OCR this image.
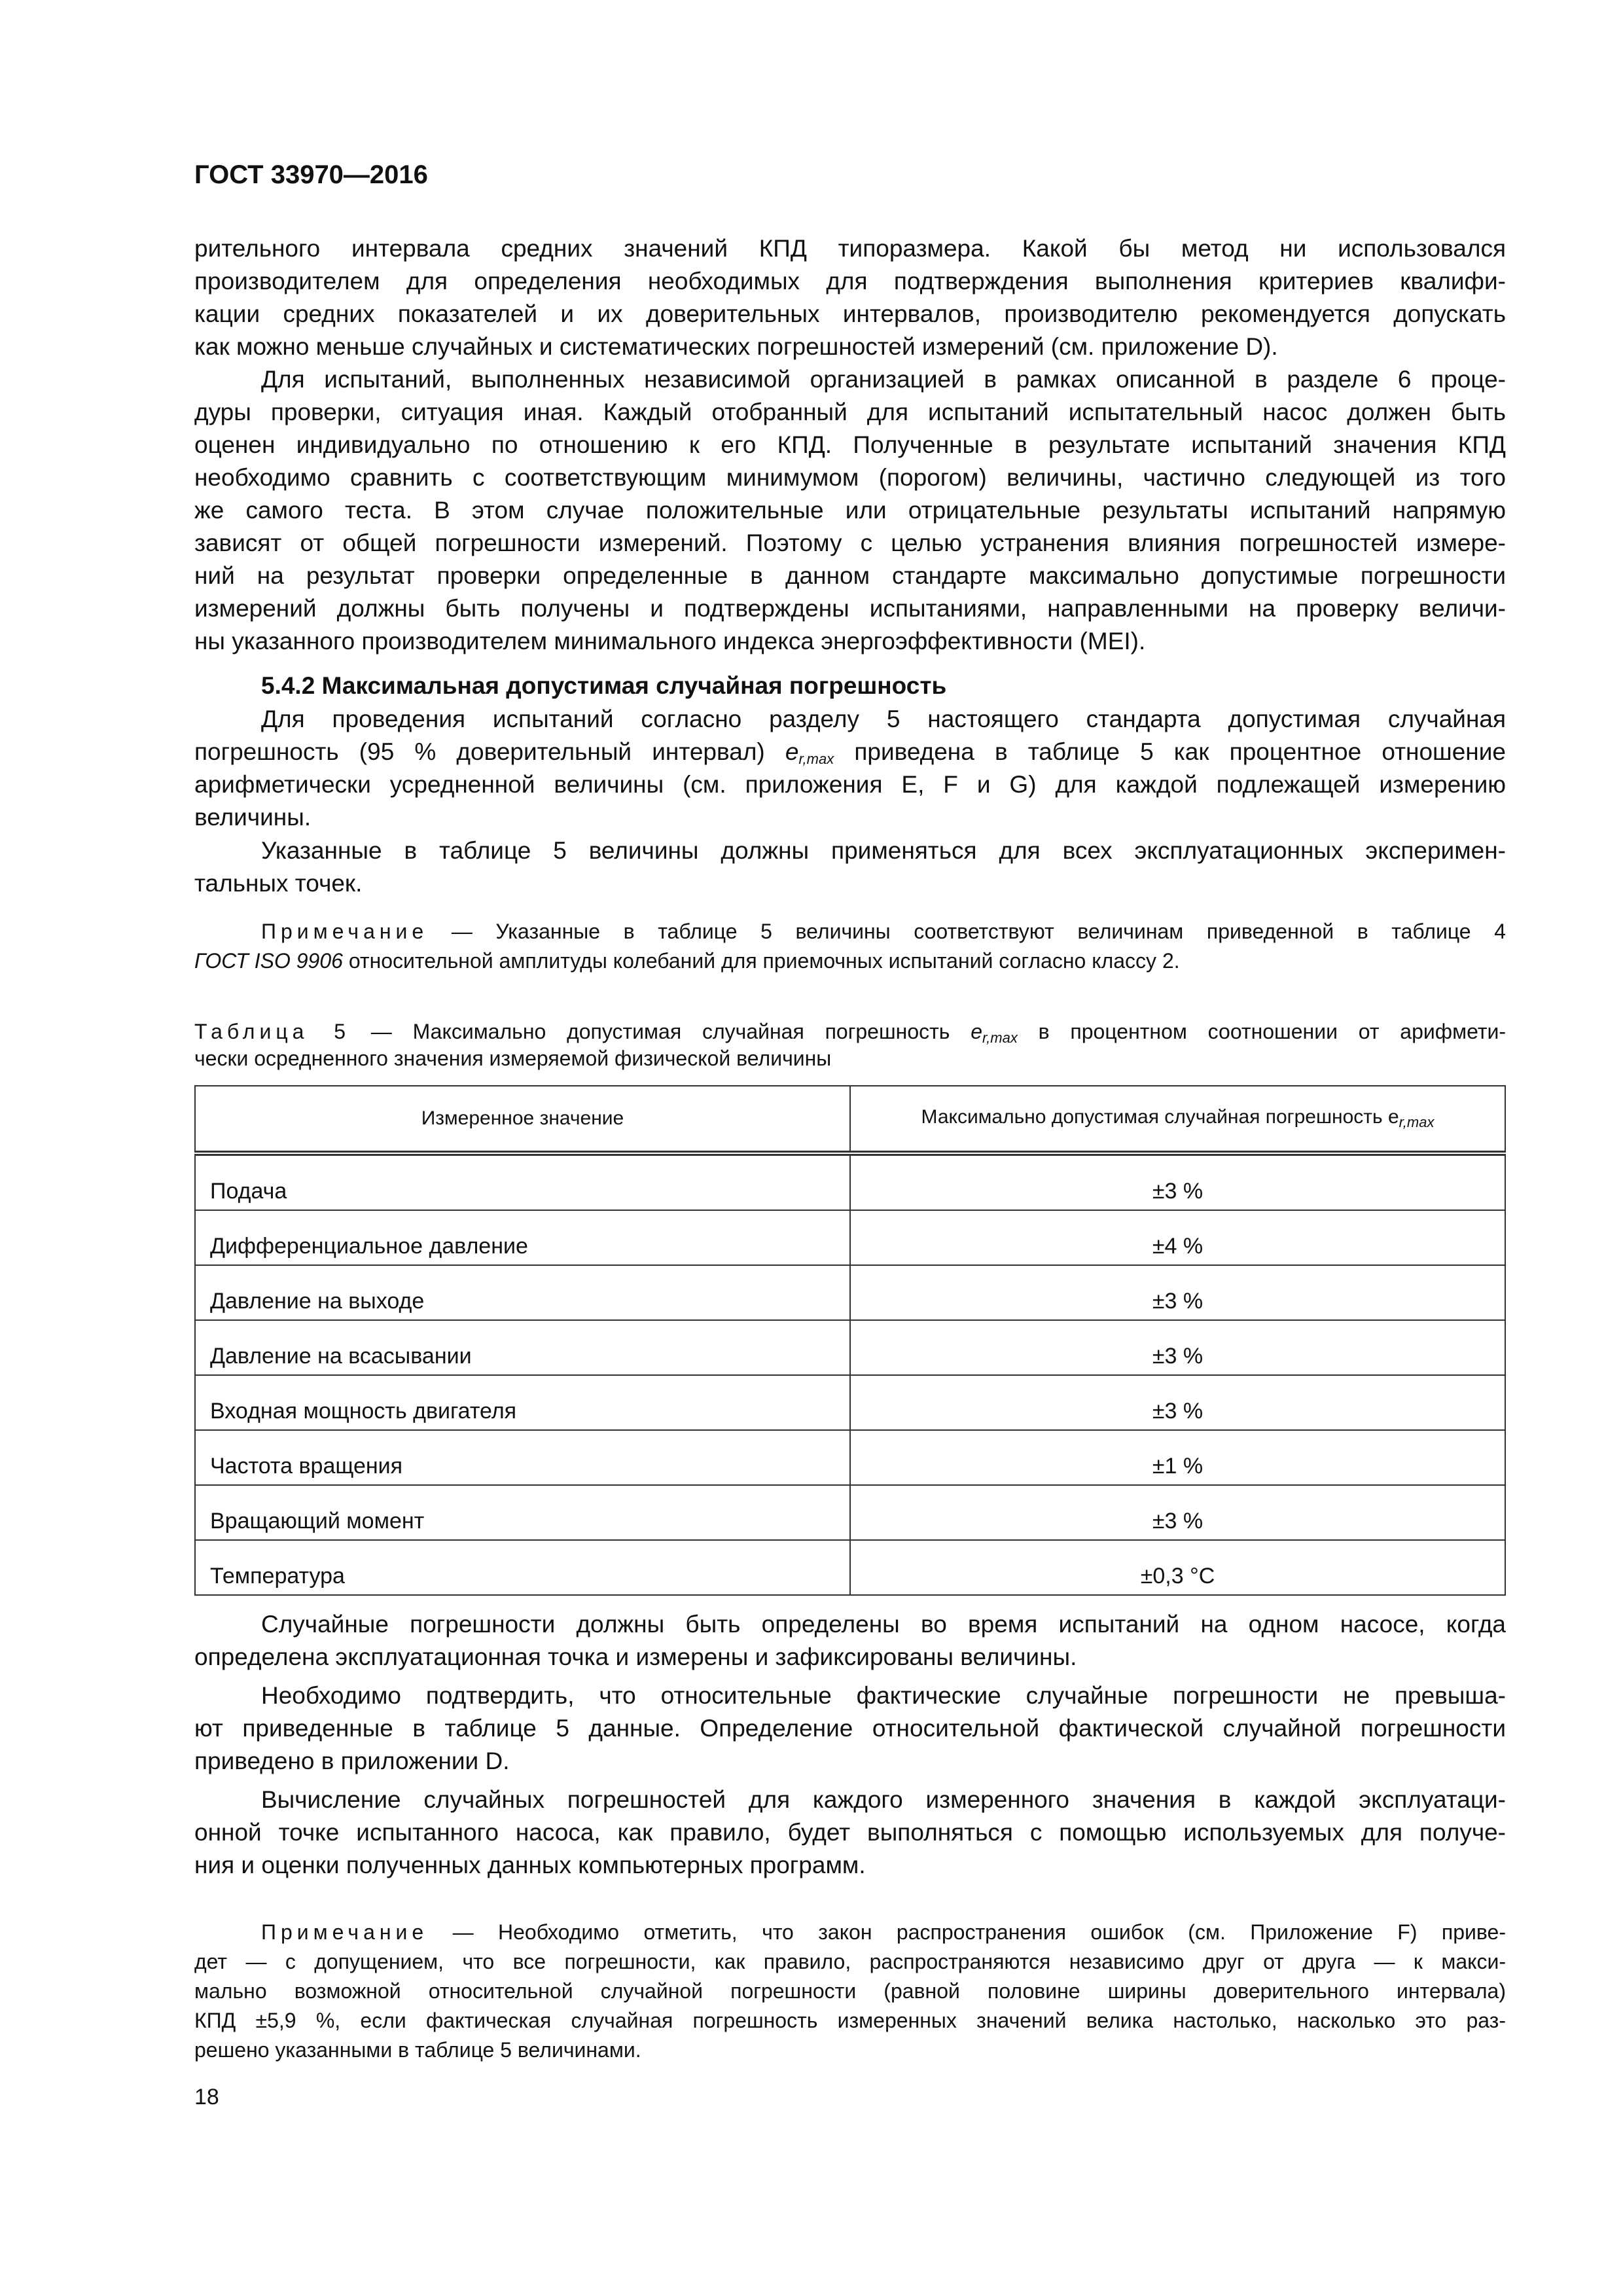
ГОСТ 33970—2016
рительного интервала средних значений КПД типоразмера. Какой бы метод ни использовался
производителем для определения необходимых для подтверждения выполнения критериев квалифи-
кации средних показателей и их доверительных интервалов, производителю рекомендуется допускать
как можно меньше случайных и систематических погрешностей измерений (см. приложение D).
Для испытаний, выполненных независимой организацией в рамках описанной в разделе 6 проце-
дуры проверки, ситуация иная. Каждый отобранный для испытаний испытательный насос должен быть
оценен индивидуально по отношению к его КПД. Полученные в результате испытаний значения КПД
необходимо сравнить с соответствующим минимумом (порогом) величины, частично следующей из того
же самого теста. В этом случае положительные или отрицательные результаты испытаний напрямую
зависят от общей погрешности измерений. Поэтому с целью устранения влияния погрешностей измере-
ний на результат проверки определенные в данном стандарте максимально допустимые погрешности
измерений должны быть получены и подтверждены испытаниями, направленными на проверку величи-
ны указанного производителем минимального индекса энергоэффективности (MEI).
5.4.2 Максимальная допустимая случайная погрешность
Для проведения испытаний согласно разделу 5 настоящего стандарта допустимая случайная
погрешность (95 % доверительный интервал) $e_{r,max}$ приведена в таблице 5 как процентное отношение
арифметически усредненной величины (см. приложения E, F и G) для каждой подлежащей измерению
величины.
Указанные в таблице 5 величины должны применяться для всех эксплуатационных эксперимен-
тальных точек.
Примечание — Указанные в таблице 5 величины соответствуют величинам приведенной в таблице 4
ГОСТ ISO 9906 относительной амплитуды колебаний для приемочных испытаний согласно классу 2.
Таблица 5 — Максимально допустимая случайная погрешность $e_{r,max}$ в процентном соотношении от арифмети-
чески осредненного значения измеряемой физической величины
Измеренное значение	Максимально допустимая случайная погрешность $e_{r,max}$
Подача	±3 %
Дифференциальное давление	±4 %
Давление на выходе	±3 %
Давление на всасывании	±3 %
Входная мощность двигателя	±3 %
Частота вращения	±1 %
Вращающий момент	±3 %
Температура	±0,3 °C
Случайные погрешности должны быть определены во время испытаний на одном насосе, когда
определена эксплуатационная точка и измерены и зафиксированы величины.
Необходимо подтвердить, что относительные фактические случайные погрешности не превыша-
ют приведенные в таблице 5 данные. Определение относительной фактической случайной погрешности
приведено в приложении D.
Вычисление случайных погрешностей для каждого измеренного значения в каждой эксплуатаци-
онной точке испытанного насоса, как правило, будет выполняться с помощью используемых для получе-
ния и оценки полученных данных компьютерных программ.
Примечание — Необходимо отметить, что закон распространения ошибок (см. Приложение F) приве-
дет — с допущением, что все погрешности, как правило, распространяются независимо друг от друга — к макси-
мально возможной относительной случайной погрешности (равной половине ширины доверительного интервала)
КПД ±5,9 %, если фактическая случайная погрешность измеренных значений велика настолько, насколько это раз-
решено указанными в таблице 5 величинами.
18
